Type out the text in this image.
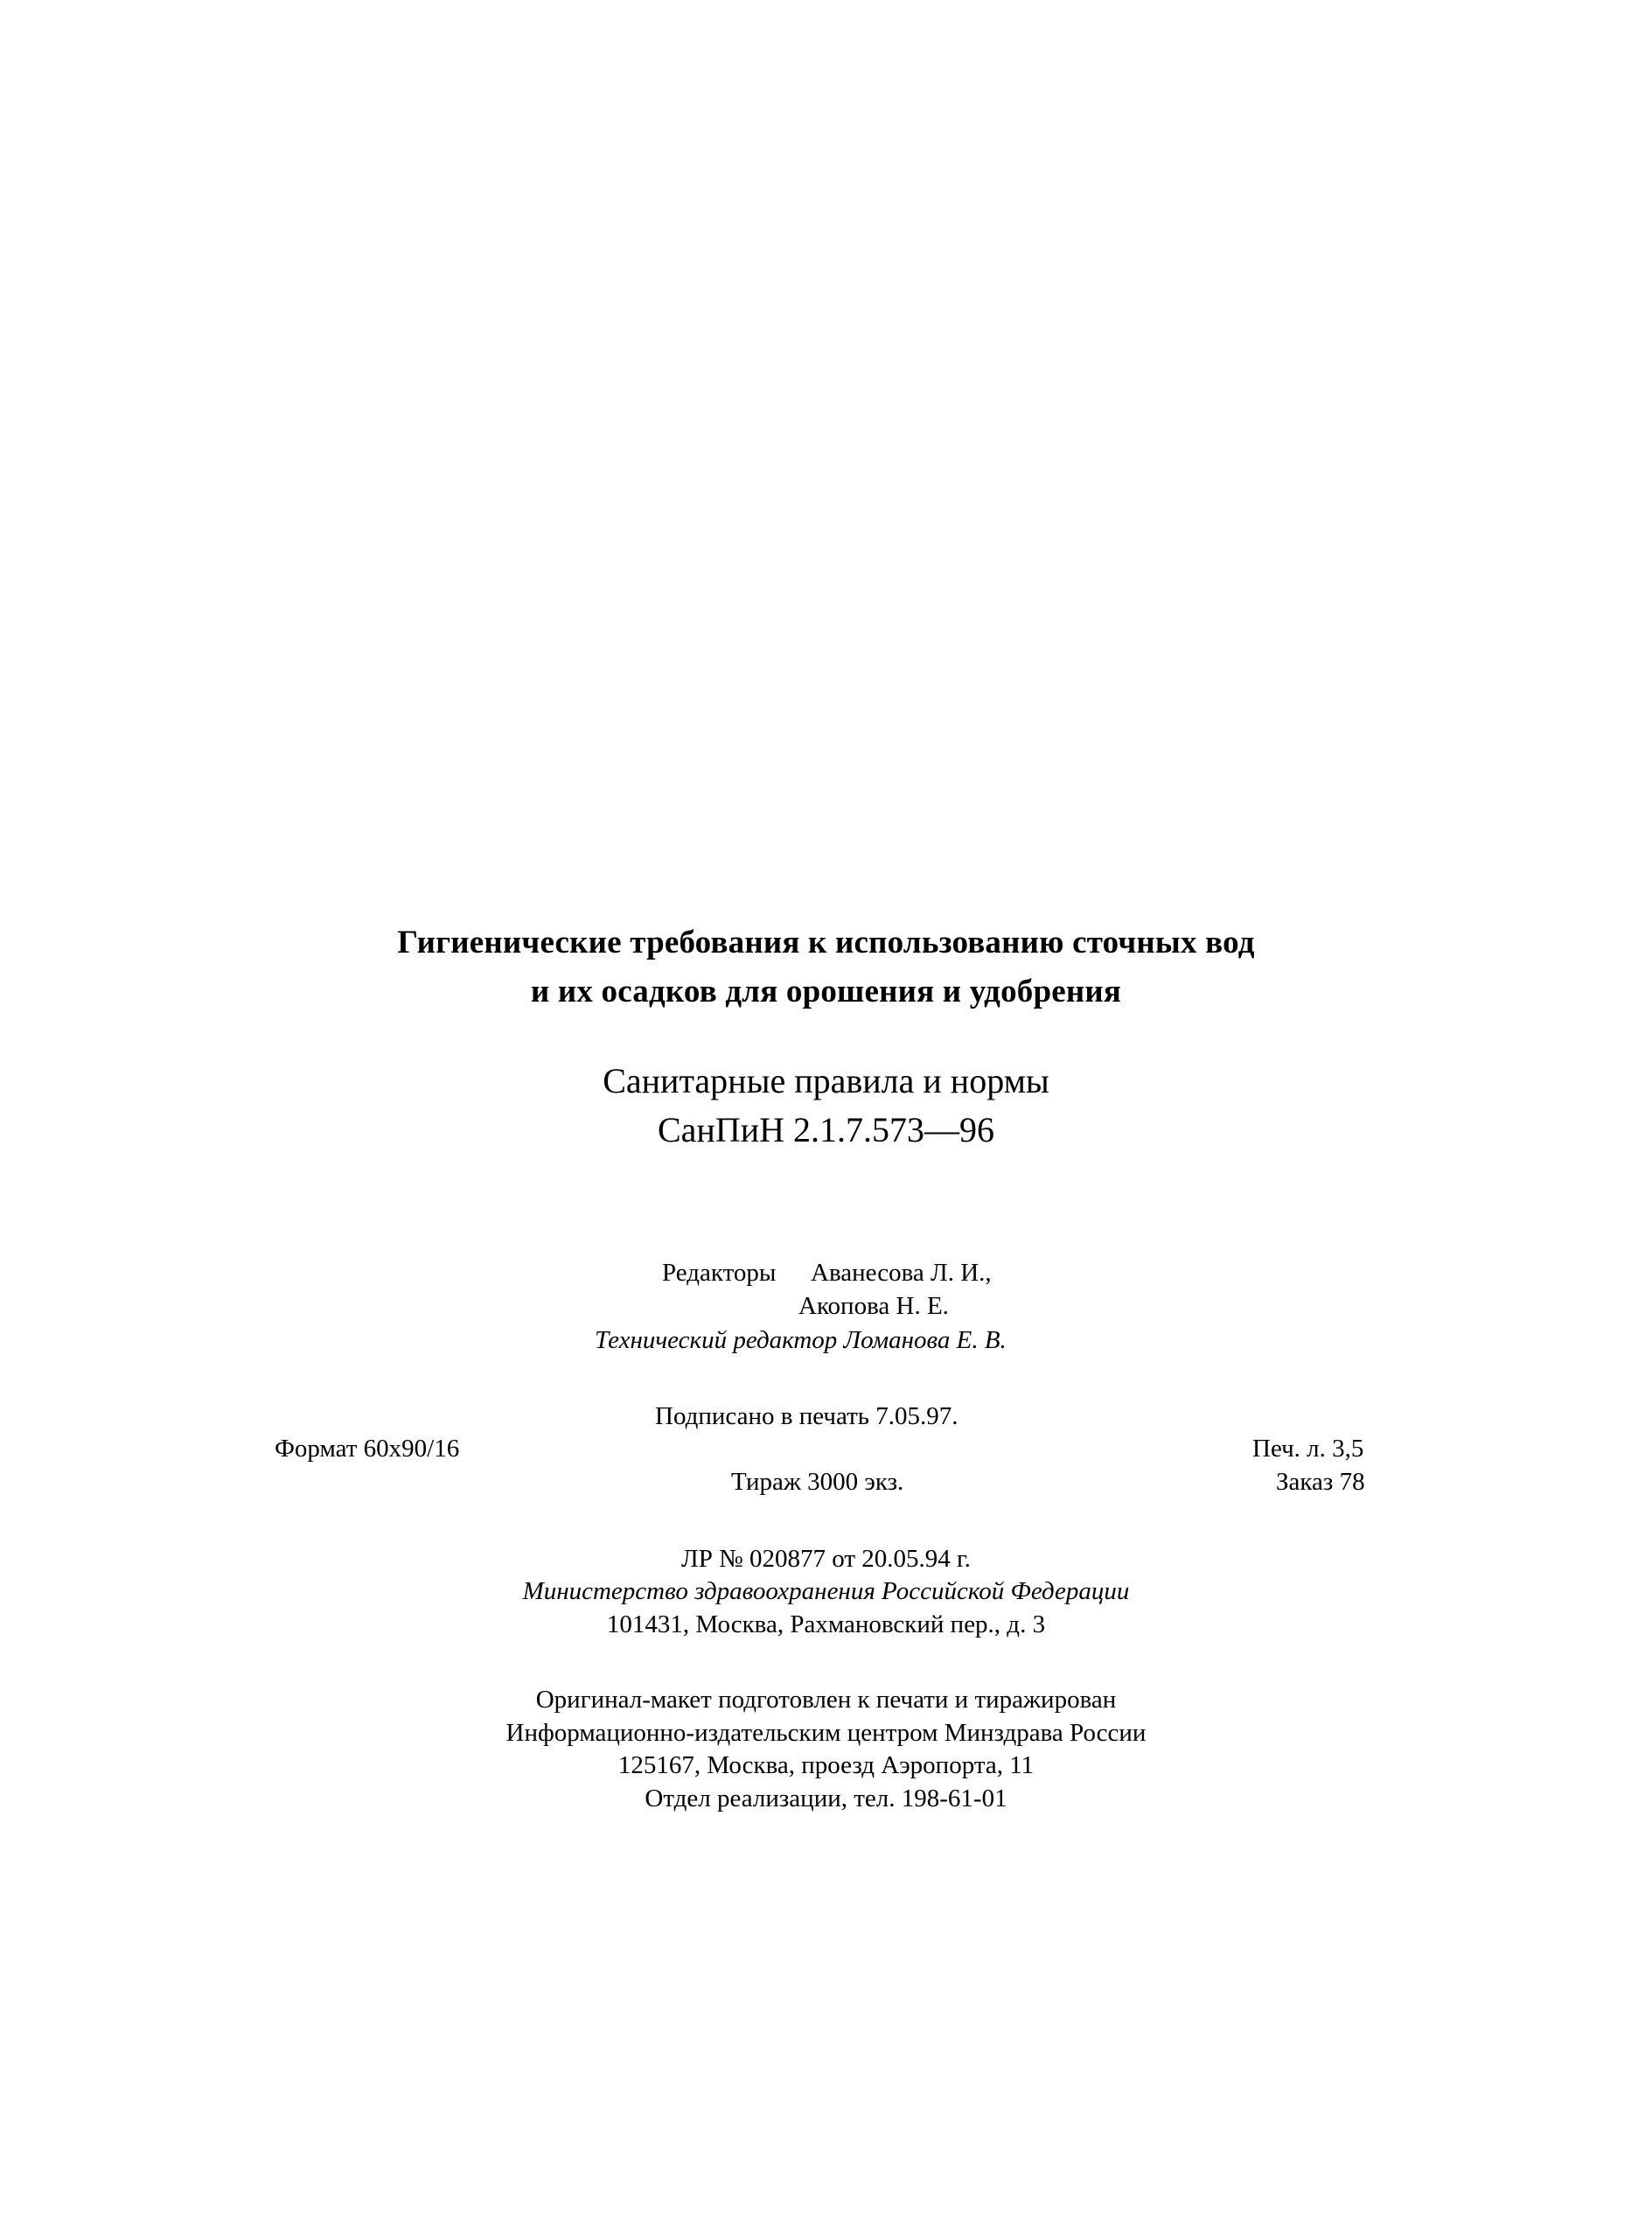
Гигиенические требования к использованию сточных вод
и их осадков для орошения и удобрения
Санитарные правила и нормы
СанПиН 2.1.7.573—96
Редакторы Аванесова Л. И.,
Акопова Н. Е.
Технический редактор Ломанова Е. В.
Подписано в печать 7.05.97.
Формат 60х90/16	Печ. л. 3,5
Тираж 3000 экз.	Заказ 78
ЛР № 020877 от 20.05.94 г.
Министерство здравоохранения Российской Федерации
101431, Москва, Рахмановский пер., д. 3
Оригинал-макет подготовлен к печати и тиражирован
Информационно-издательским центром Минздрава России
125167, Москва, проезд Аэропорта, 11
Отдел реализации, тел. 198-61-01
